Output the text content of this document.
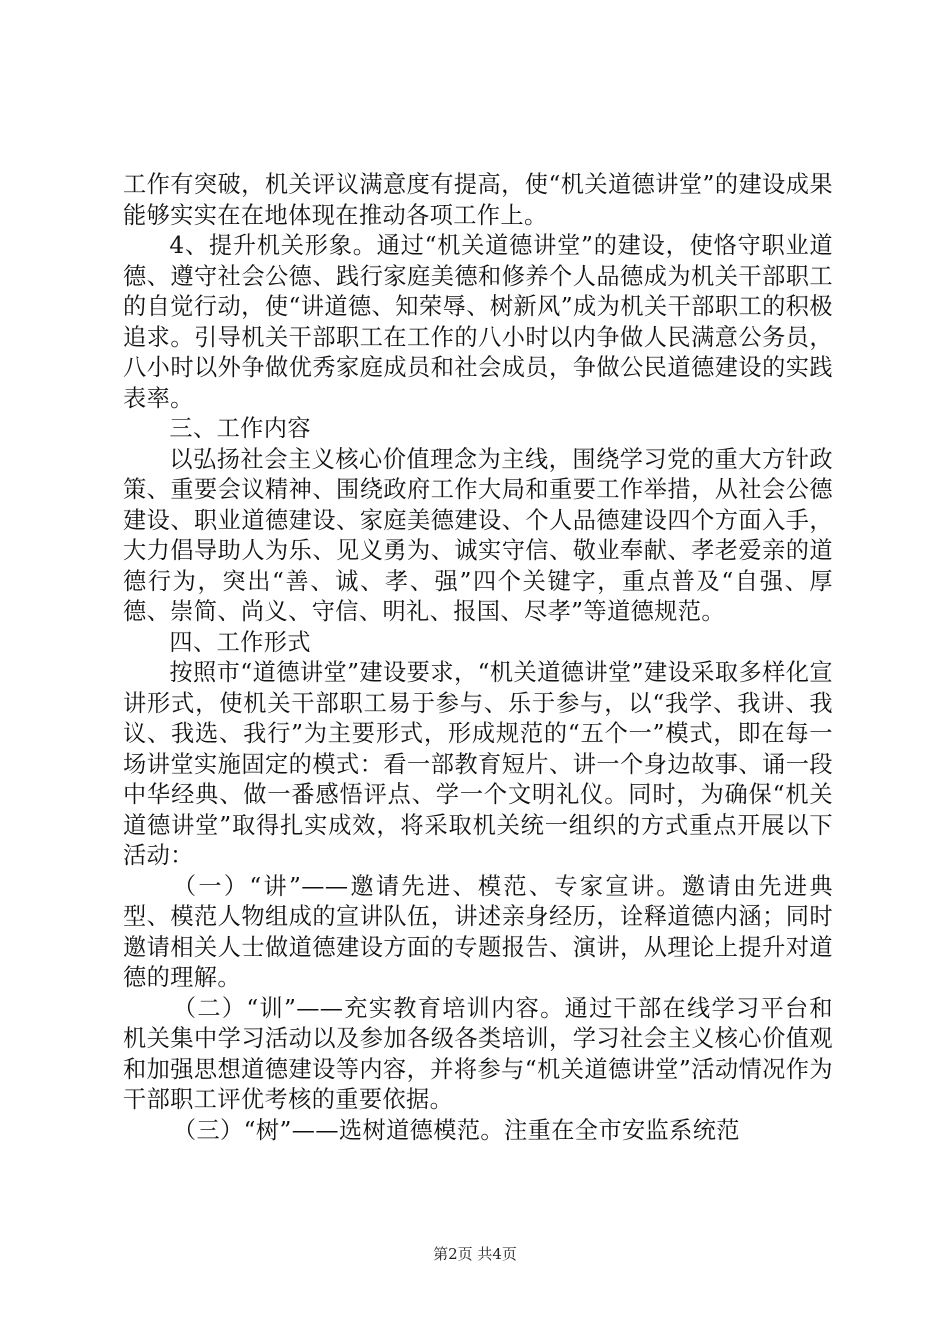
工作有突破，机关评议满意度有提高，使“机关道德讲堂”的建设成果能够实实在在地体现在推动各项工作上。

4、提升机关形象。通过“机关道德讲堂”的建设，使恪守职业道德、遵守社会公德、践行家庭美德和修养个人品德成为机关干部职工的自觉行动，使“讲道德、知荣辱、树新风”成为机关干部职工的积极追求。引导机关干部职工在工作的八小时以内争做人民满意公务员，八小时以外争做优秀家庭成员和社会成员，争做公民道德建设的实践表率。

三、工作内容

以弘扬社会主义核心价值理念为主线，围绕学习党的重大方针政策、重要会议精神、围绕政府工作大局和重要工作举措，从社会公德建设、职业道德建设、家庭美德建设、个人品德建设四个方面入手，大力倡导助人为乐、见义勇为、诚实守信、敬业奉献、孝老爱亲的道德行为，突出“善、诚、孝、强”四个关键字，重点普及“自强、厚德、崇简、尚义、守信、明礼、报国、尽孝”等道德规范。

四、工作形式

按照市“道德讲堂”建设要求，“机关道德讲堂”建设采取多样化宣讲形式，使机关干部职工易于参与、乐于参与，以“我学、我讲、我议、我选、我行”为主要形式，形成规范的“五个一”模式，即在每一场讲堂实施固定的模式：看一部教育短片、讲一个身边故事、诵一段中华经典、做一番感悟评点、学一个文明礼仪。同时，为确保“机关道德讲堂”取得扎实成效，将采取机关统一组织的方式重点开展以下活动：

（一）“讲”——邀请先进、模范、专家宣讲。邀请由先进典型、模范人物组成的宣讲队伍，讲述亲身经历，诠释道德内涵；同时邀请相关人士做道德建设方面的专题报告、演讲，从理论上提升对道德的理解。

（二）“训”——充实教育培训内容。通过干部在线学习平台和机关集中学习活动以及参加各级各类培训，学习社会主义核心价值观和加强思想道德建设等内容，并将参与“机关道德讲堂”活动情况作为干部职工评优考核的重要依据。

（三）“树”——选树道德模范。注重在全市安监系统范

第2页 共4页
